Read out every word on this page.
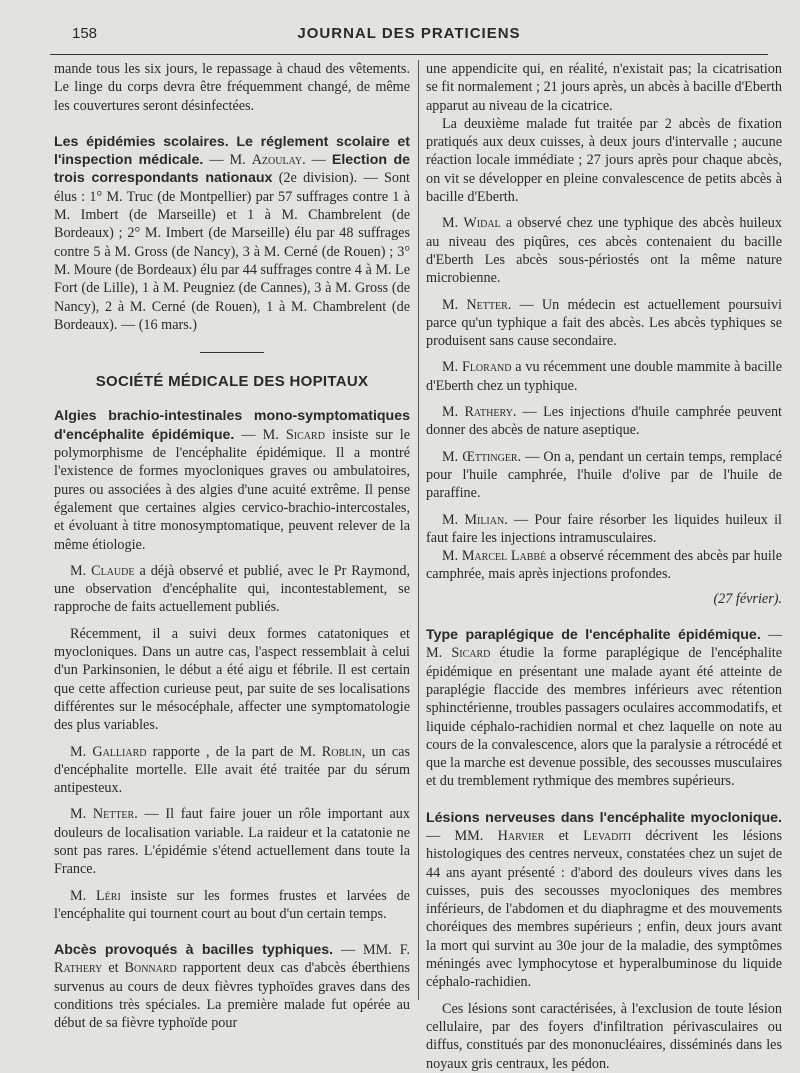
158	JOURNAL DES PRATICIENS

mande tous les six jours, le repassage à chaud des vêtements. Le linge du corps devra être fréquemment changé, de même les couvertures seront désinfectées.

Les épidémies scolaires. Le réglement scolaire et l'inspection médicale. — M. Azoulay. — Election de trois correspondants nationaux (2e division). — Sont élus : 1° M. Truc (de Montpellier) par 57 suffrages contre 1 à M. Imbert (de Marseille) et 1 à M. Chambrelent (de Bordeaux) ; 2° M. Imbert (de Marseille) élu par 48 suffrages contre 5 à M. Gross (de Nancy), 3 à M. Cerné (de Rouen) ; 3° M. Moure (de Bordeaux) élu par 44 suffrages contre 4 à M. Le Fort (de Lille), 1 à M. Peugniez (de Cannes), 3 à M. Gross (de Nancy), 2 à M. Cerné (de Rouen), 1 à M. Chambrelent (de Bordeaux). — (16 mars.)

SOCIÉTÉ MÉDICALE DES HOPITAUX

Algies brachio-intestinales mono-symptomatiques d'encéphalite épidémique. — M. Sicard insiste sur le polymorphisme de l'encéphalite épidémique. Il a montré l'existence de formes myocloniques graves ou ambulatoires, pures ou associées à des algies d'une acuité extrême. Il pense également que certaines algies cervico-brachio-intercostales, et évoluant à titre monosymptomatique, peuvent relever de la même étiologie.

M. Claude a déjà observé et publié, avec le Pr Raymond, une observation d'encéphalite qui, incontestablement, se rapproche de faits actuellement publiés.

Récemment, il a suivi deux formes catatoniques et myocloniques. Dans un autre cas, l'aspect ressemblait à celui d'un Parkinsonien, le début a été aigu et fébrile. Il est certain que cette affection curieuse peut, par suite de ses localisations différentes sur le mésocéphale, affecter une symptomatologie des plus variables.

M. Galliard rapporte , de la part de M. Roblin, un cas d'encéphalite mortelle. Elle avait été traitée par du sérum antipesteux.

M. Netter. — Il faut faire jouer un rôle important aux douleurs de localisation variable. La raideur et la catatonie ne sont pas rares. L'épidémie s'étend actuellement dans toute la France.

M. Léri insiste sur les formes frustes et larvées de l'encéphalite qui tournent court au bout d'un certain temps.

Abcès provoqués à bacilles typhiques. — MM. F. Rathery et Bonnard rapportent deux cas d'abcès éberthiens survenus au cours de deux fièvres typhoïdes graves dans des conditions très spéciales. La première malade fut opérée au début de sa fièvre typhoïde pour

une appendicite qui, en réalité, n'existait pas; la cicatrisation se fit normalement ; 21 jours après, un abcès à bacille d'Eberth apparut au niveau de la cicatrice.

La deuxième malade fut traitée par 2 abcès de fixation pratiqués aux deux cuisses, à deux jours d'intervalle ; aucune réaction locale immédiate ; 27 jours après pour chaque abcès, on vit se développer en pleine convalescence de petits abcès à bacille d'Eberth.

M. Widal a observé chez une typhique des abcès huileux au niveau des piqûres, ces abcès contenaient du bacille d'Eberth Les abcès sous-périostés ont la même nature microbienne.

M. Netter. — Un médecin est actuellement poursuivi parce qu'un typhique a fait des abcès. Les abcès typhiques se produisent sans cause secondaire.

M. Florand a vu récemment une double mammite à bacille d'Eberth chez un typhique.

M. Rathery. — Les injections d'huile camphrée peuvent donner des abcès de nature aseptique.

M. Œttinger. — On a, pendant un certain temps, remplacé pour l'huile camphrée, l'huile d'olive par de l'huile de paraffine.

M. Milian. — Pour faire résorber les liquides huileux il faut faire les injections intramusculaires.

M. Marcel Labbé a observé récemment des abcès par huile camphrée, mais après injections profondes.

(27 février).

Type paraplégique de l'encéphalite épidémique. — M. Sicard étudie la forme paraplégique de l'encéphalite épidémique en présentant une malade ayant été atteinte de paraplégie flaccide des membres inférieurs avec rétention sphinctérienne, troubles passagers oculaires accommodatifs, et liquide céphalo-rachidien normal et chez laquelle on note au cours de la convalescence, alors que la paralysie a rétrocédé et que la marche est devenue possible, des secousses musculaires et du tremblement rythmique des membres supérieurs.

Lésions nerveuses dans l'encéphalite myoclonique. — MM. Harvier et Levaditi décrivent les lésions histologiques des centres nerveux, constatées chez un sujet de 44 ans ayant présenté : d'abord des douleurs vives dans les cuisses, puis des secousses myocloniques des membres inférieurs, de l'abdomen et du diaphragme et des mouvements choréiques des membres supérieurs ; enfin, deux jours avant la mort qui survint au 30e jour de la maladie, des symptômes méningés avec lymphocytose et hyperalbuminose du liquide céphalo-rachidien.

Ces lésions sont caractérisées, à l'exclusion de toute lésion cellulaire, par des foyers d'infiltration périvasculaires ou diffus, constitués par des mononucléaires, disséminés dans les noyaux gris centraux, les pédon.
